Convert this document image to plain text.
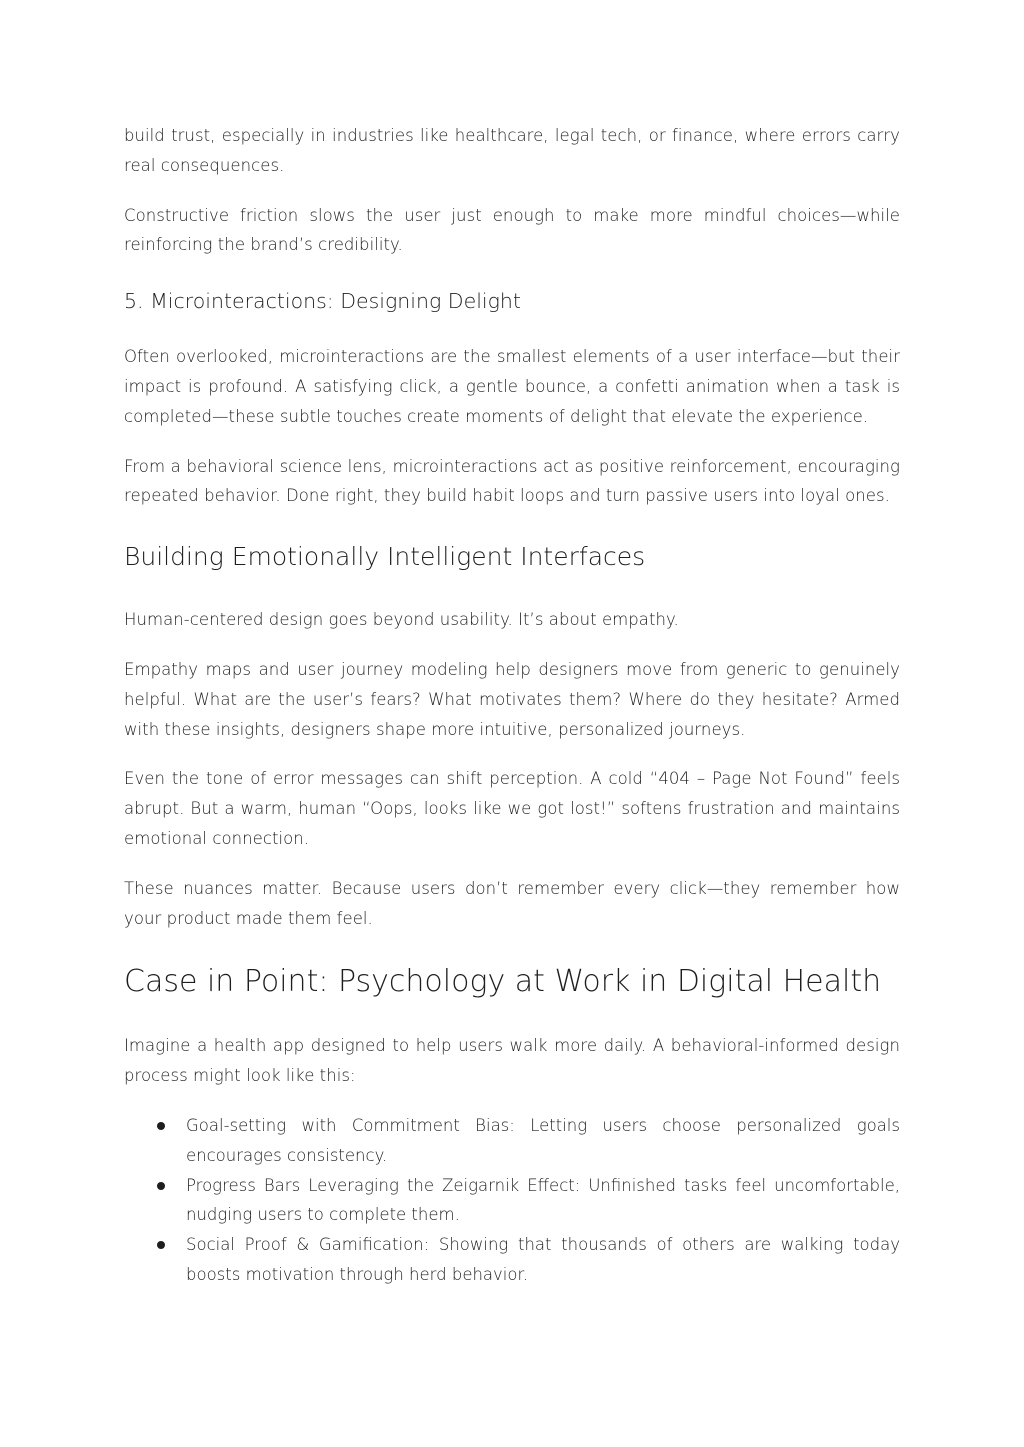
build trust, especially in industries like healthcare, legal tech, or finance, where errors carry real consequences.

Constructive friction slows the user just enough to make more mindful choices—while reinforcing the brand’s credibility.

5. Microinteractions: Designing Delight

Often overlooked, microinteractions are the smallest elements of a user interface—but their impact is profound. A satisfying click, a gentle bounce, a confetti animation when a task is completed—these subtle touches create moments of delight that elevate the experience.

From a behavioral science lens, microinteractions act as positive reinforcement, encouraging repeated behavior. Done right, they build habit loops and turn passive users into loyal ones.

Building Emotionally Intelligent Interfaces

Human-centered design goes beyond usability. It’s about empathy.

Empathy maps and user journey modeling help designers move from generic to genuinely helpful. What are the user’s fears? What motivates them? Where do they hesitate? Armed with these insights, designers shape more intuitive, personalized journeys.

Even the tone of error messages can shift perception. A cold “404 – Page Not Found” feels abrupt. But a warm, human “Oops, looks like we got lost!” softens frustration and maintains emotional connection.

These nuances matter. Because users don’t remember every click—they remember how your product made them feel.

Case in Point: Psychology at Work in Digital Health

Imagine a health app designed to help users walk more daily. A behavioral-informed design process might look like this:

Goal-setting with Commitment Bias: Letting users choose personalized goals encourages consistency.
Progress Bars Leveraging the Zeigarnik Effect: Unfinished tasks feel uncomfortable, nudging users to complete them.
Social Proof & Gamification: Showing that thousands of others are walking today boosts motivation through herd behavior.
